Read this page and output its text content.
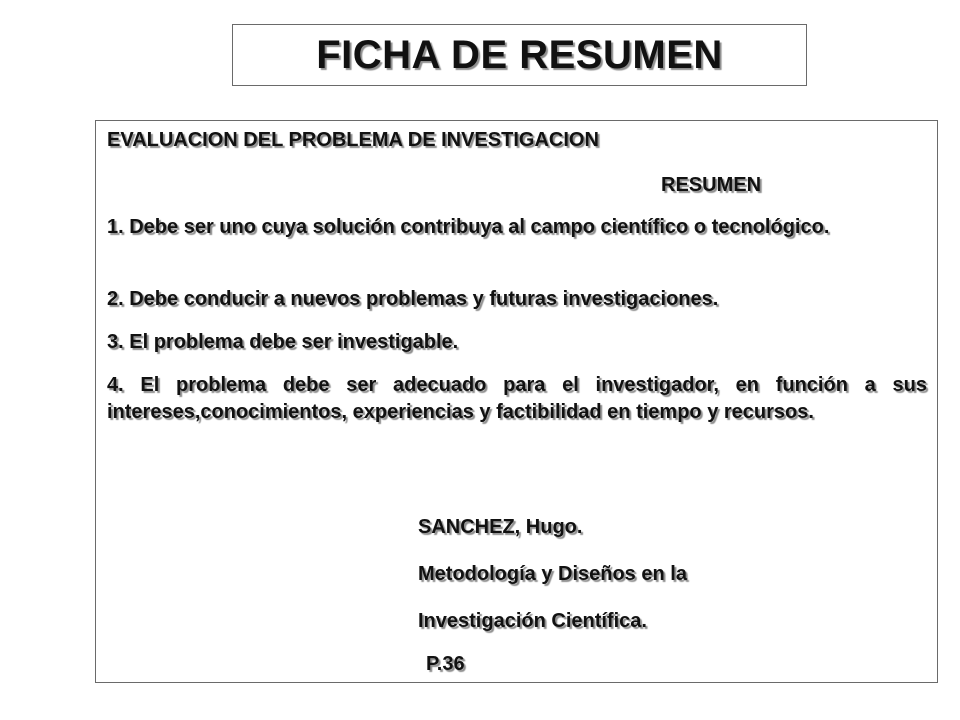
FICHA DE RESUMEN

EVALUACION DEL PROBLEMA DE INVESTIGACION

RESUMEN

1. Debe ser uno cuya solución contribuya al campo científico o tecnológico.

2. Debe conducir a nuevos problemas y futuras investigaciones.

3. El problema debe ser investigable.

4. El problema debe ser adecuado para el investigador, en función a sus intereses,conocimientos, experiencias y factibilidad en tiempo y recursos.

SANCHEZ, Hugo.

Metodología y Diseños en la

Investigación Científica.

P.36
